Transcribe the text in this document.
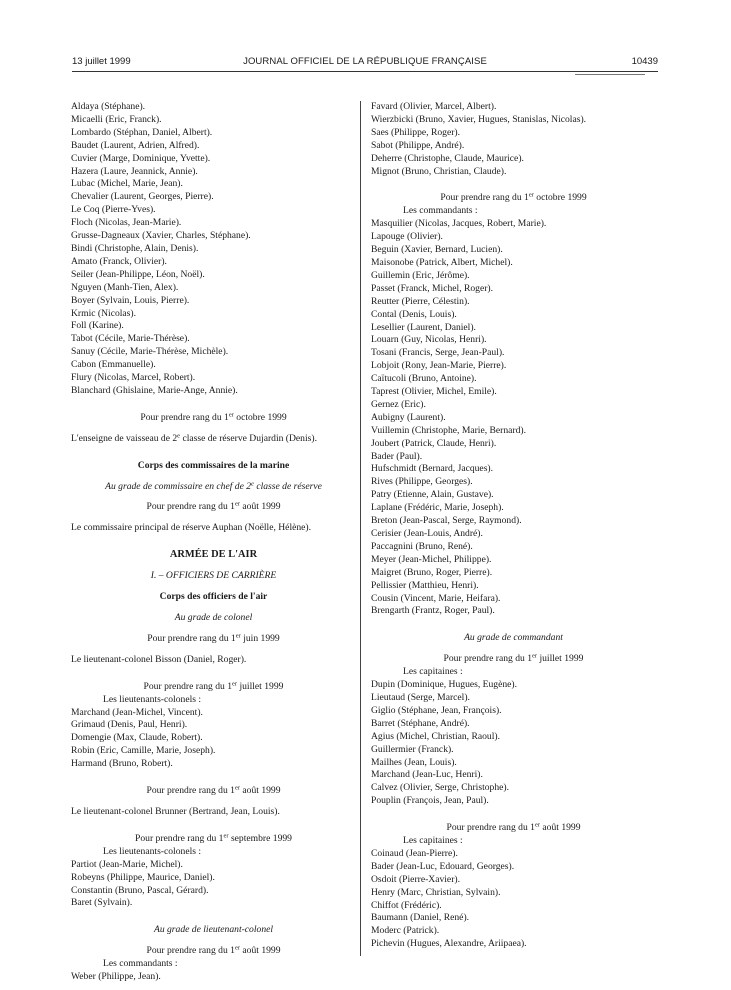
13 juillet 1999	JOURNAL OFFICIEL DE LA RÉPUBLIQUE FRANÇAISE	10439

Aldaya (Stéphane).

Micaelli (Eric, Franck).

Lombardo (Stéphan, Daniel, Albert).

Baudet (Laurent, Adrien, Alfred).

Cuvier (Marge, Dominique, Yvette).

Hazera (Laure, Jeannick, Annie).

Lubac (Michel, Marie, Jean).

Chevalier (Laurent, Georges, Pierre).

Le Coq (Pierre-Yves).

Floch (Nicolas, Jean-Marie).

Grusse-Dagneaux (Xavier, Charles, Stéphane).

Bindi (Christophe, Alain, Denis).

Amato (Franck, Olivier).

Seiler (Jean-Philippe, Léon, Noël).

Nguyen (Manh-Tien, Alex).

Boyer (Sylvain, Louis, Pierre).

Krmic (Nicolas).

Foll (Karine).

Tabot (Cécile, Marie-Thérèse).

Sanuy (Cécile, Marie-Thérèse, Michèle).

Cabon (Emmanuelle).

Flury (Nicolas, Marcel, Robert).

Blanchard (Ghislaine, Marie-Ange, Annie).

Pour prendre rang du 1er octobre 1999

L'enseigne de vaisseau de 2e classe de réserve Dujardin (Denis).

Corps des commissaires de la marine

Au grade de commissaire en chef de 2e classe de réserve

Pour prendre rang du 1er août 1999

Le commissaire principal de réserve Auphan (Noëlle, Hélène).

ARMÉE DE L'AIR

I. – OFFICIERS DE CARRIÈRE

Corps des officiers de l'air

Au grade de colonel

Pour prendre rang du 1er juin 1999

Le lieutenant-colonel Bisson (Daniel, Roger).

Pour prendre rang du 1er juillet 1999

Les lieutenants-colonels :

Marchand (Jean-Michel, Vincent).

Grimaud (Denis, Paul, Henri).

Domengie (Max, Claude, Robert).

Robin (Eric, Camille, Marie, Joseph).

Harmand (Bruno, Robert).

Pour prendre rang du 1er août 1999

Le lieutenant-colonel Brunner (Bertrand, Jean, Louis).

Pour prendre rang du 1er septembre 1999

Les lieutenants-colonels :

Partiot (Jean-Marie, Michel).

Robeyns (Philippe, Maurice, Daniel).

Constantin (Bruno, Pascal, Gérard).

Baret (Sylvain).

Au grade de lieutenant-colonel

Pour prendre rang du 1er août 1999

Les commandants :

Weber (Philippe, Jean).

Favard (Olivier, Marcel, Albert).

Wierzbicki (Bruno, Xavier, Hugues, Stanislas, Nicolas).

Saes (Philippe, Roger).

Sabot (Philippe, André).

Deherre (Christophe, Claude, Maurice).

Mignot (Bruno, Christian, Claude).

Pour prendre rang du 1er octobre 1999

Les commandants :

Masquilier (Nicolas, Jacques, Robert, Marie).

Lapouge (Olivier).

Beguin (Xavier, Bernard, Lucien).

Maisonobe (Patrick, Albert, Michel).

Guillemin (Eric, Jérôme).

Passet (Franck, Michel, Roger).

Reutter (Pierre, Célestin).

Contal (Denis, Louis).

Lesellier (Laurent, Daniel).

Louarn (Guy, Nicolas, Henri).

Tosani (Francis, Serge, Jean-Paul).

Lobjoit (Rony, Jean-Marie, Pierre).

Caïtucoli (Bruno, Antoine).

Taprest (Olivier, Michel, Emile).

Gernez (Eric).

Aubigny (Laurent).

Vuillemin (Christophe, Marie, Bernard).

Joubert (Patrick, Claude, Henri).

Bader (Paul).

Hufschmidt (Bernard, Jacques).

Rives (Philippe, Georges).

Patry (Etienne, Alain, Gustave).

Laplane (Frédéric, Marie, Joseph).

Breton (Jean-Pascal, Serge, Raymond).

Cerisier (Jean-Louis, André).

Paccagnini (Bruno, René).

Meyer (Jean-Michel, Philippe).

Maigret (Bruno, Roger, Pierre).

Pellissier (Matthieu, Henri).

Cousin (Vincent, Marie, Heifara).

Brengarth (Frantz, Roger, Paul).

Au grade de commandant

Pour prendre rang du 1er juillet 1999

Les capitaines :

Dupin (Dominique, Hugues, Eugène).

Lieutaud (Serge, Marcel).

Giglio (Stéphane, Jean, François).

Barret (Stéphane, André).

Agius (Michel, Christian, Raoul).

Guillermier (Franck).

Mailhes (Jean, Louis).

Marchand (Jean-Luc, Henri).

Calvez (Olivier, Serge, Christophe).

Pouplin (François, Jean, Paul).

Pour prendre rang du 1er août 1999

Les capitaines :

Coinaud (Jean-Pierre).

Bader (Jean-Luc, Edouard, Georges).

Osdoit (Pierre-Xavier).

Henry (Marc, Christian, Sylvain).

Chiffot (Frédéric).

Baumann (Daniel, René).

Moderc (Patrick).

Pichevin (Hugues, Alexandre, Ariipaea).
